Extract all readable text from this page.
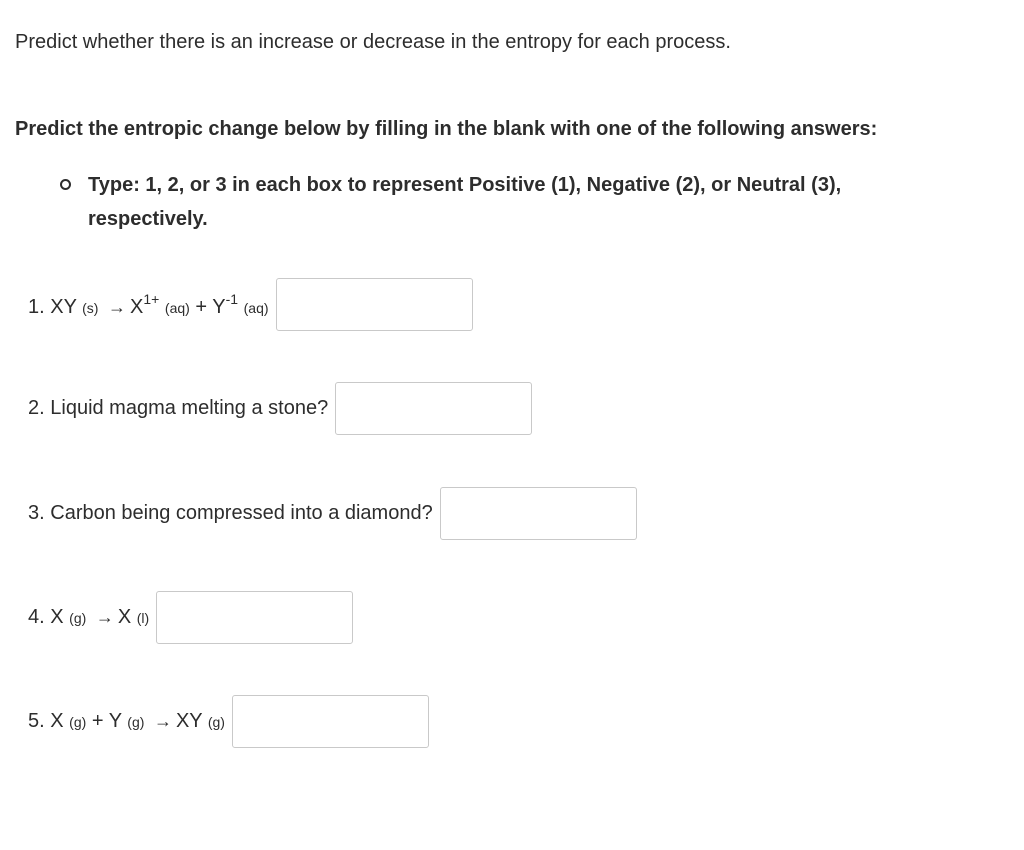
Predict whether there is an increase or decrease in the entropy for each process.

Predict the entropic change below by filling in the blank with one of the following answers:

Type: 1, 2, or 3 in each box to represent Positive (1), Negative (2), or Neutral (3), respectively.
1. XY $(s) \to X^{1+}$ $(aq) + Y^{-1}$ (aq)
2. Liquid magma melting a stone?
3. Carbon being compressed into a diamond?
4. X (g) → X (l)
5. X (g) + Y (g) → XY (g)
